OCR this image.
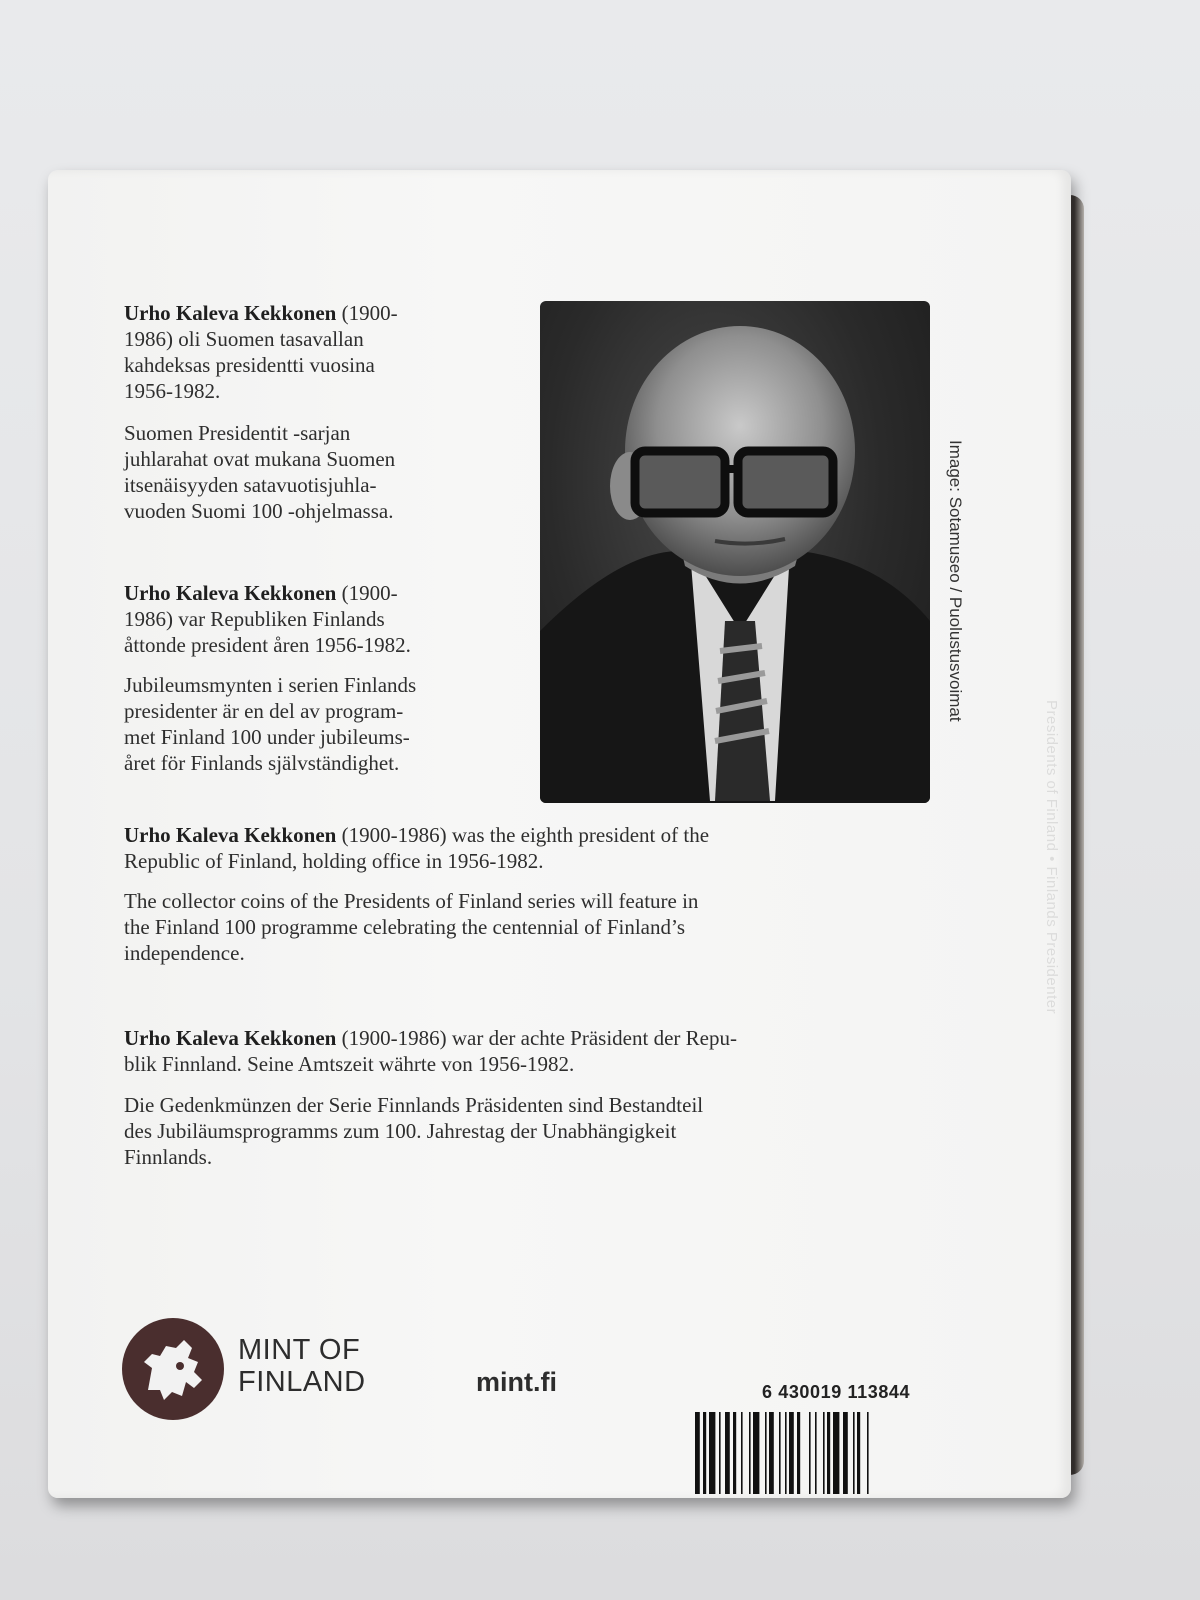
Presidents of Finland • Finlands Presidenter

Urho Kaleva Kekkonen (1900-

1986) oli Suomen tasavallan

kahdeksas presidentti vuosina

1956-1982.

Suomen Presidentit -sarjan

juhlarahat ovat mukana Suomen

itsenäisyyden satavuotisjuhla-

vuoden Suomi 100 -ohjelmassa.

Urho Kaleva Kekkonen (1900-

1986) var Republiken Finlands

åttonde president åren 1956-1982.

Jubileumsmynten i serien Finlands

presidenter är en del av program-

met Finland 100 under jubileums-

året för Finlands självständighet.

Image: Sotamuseo / Puolustusvoimat

Urho Kaleva Kekkonen (1900-1986) was the eighth president of the

Republic of Finland, holding office in 1956-1982.

The collector coins of the Presidents of Finland series will feature in

the Finland 100 programme celebrating the centennial of Finland’s

independence.

Urho Kaleva Kekkonen (1900-1986) war der achte Präsident der Repu-

blik Finnland. Seine Amtszeit währte von 1956-1982.

Die Gedenkmünzen der Serie Finnlands Präsidenten sind Bestandteil

des Jubiläumsprogramms zum 100. Jahrestag der Unabhängigkeit

Finnlands.

MINT OF
FINLAND	mint.fi	6 430019 113844
